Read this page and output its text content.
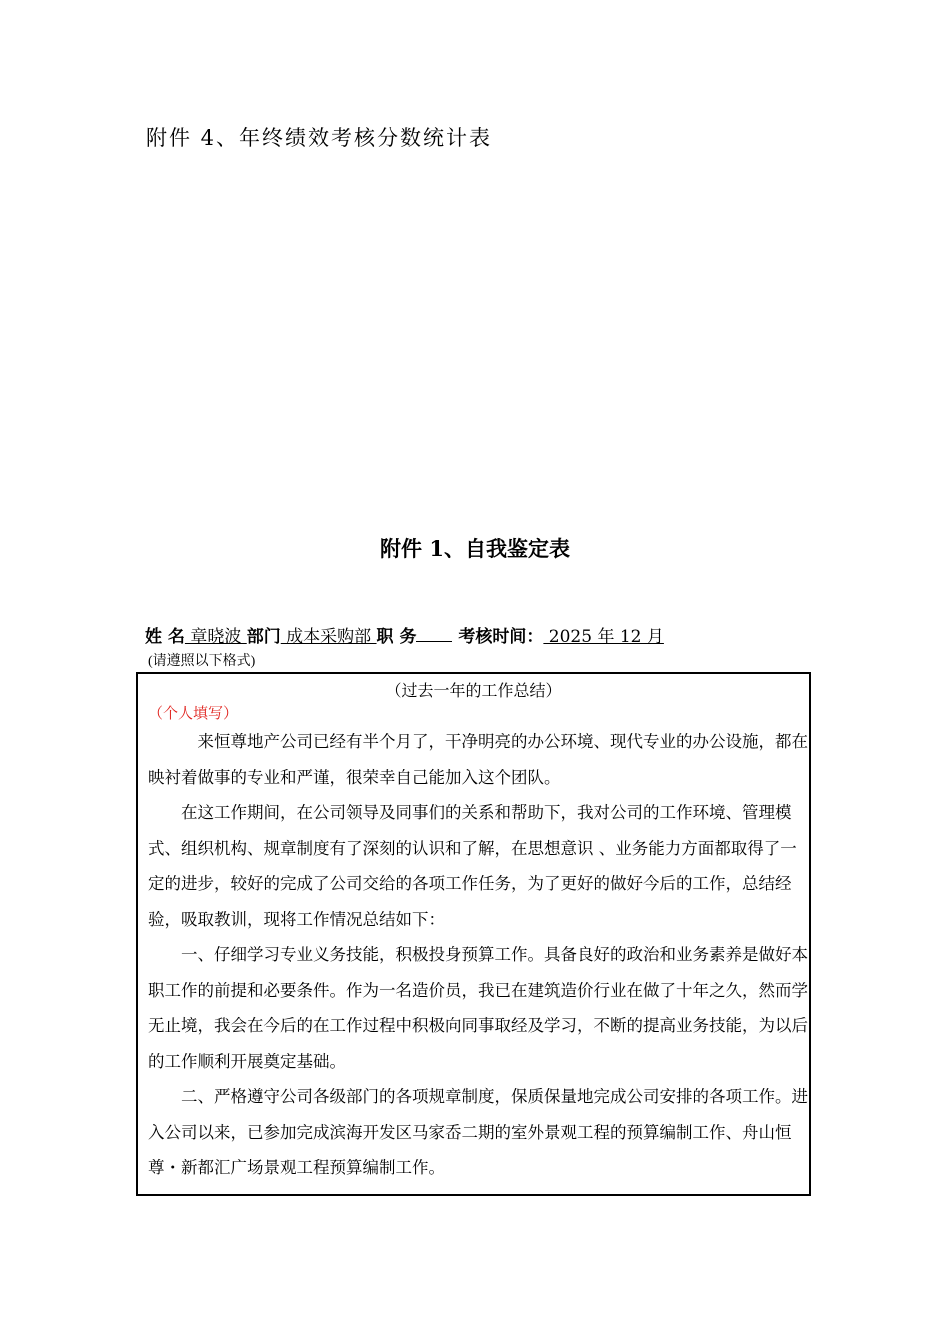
附件 4、年终绩效考核分数统计表
附件 1、自我鉴定表
姓 名 章晓波 部门 成本采购部 职 务 考核时间： 2025 年 12 月
(请遵照以下格式)
（过去一年的工作总结）
（个人填写）

来恒尊地产公司已经有半个月了，干净明亮的办公环境、现代专业的办公设施，都在映衬着做事的专业和严谨，很荣幸自己能加入这个团队。

在这工作期间，在公司领导及同事们的关系和帮助下，我对公司的工作环境、管理模式、组织机构、规章制度有了深刻的认识和了解，在思想意识 、业务能力方面都取得了一定的进步，较好的完成了公司交给的各项工作任务，为了更好的做好今后的工作，总结经验，吸取教训，现将工作情况总结如下：

一、仔细学习专业义务技能，积极投身预算工作。具备良好的政治和业务素养是做好本职工作的前提和必要条件。作为一名造价员，我已在建筑造价行业在做了十年之久，然而学无止境，我会在今后的在工作过程中积极向同事取经及学习，不断的提高业务技能，为以后的工作顺利开展奠定基础。

二、严格遵守公司各级部门的各项规章制度，保质保量地完成公司安排的各项工作。进入公司以来，已参加完成滨海开发区马家岙二期的室外景观工程的预算编制工作、舟山恒尊・新都汇广场景观工程预算编制工作。
